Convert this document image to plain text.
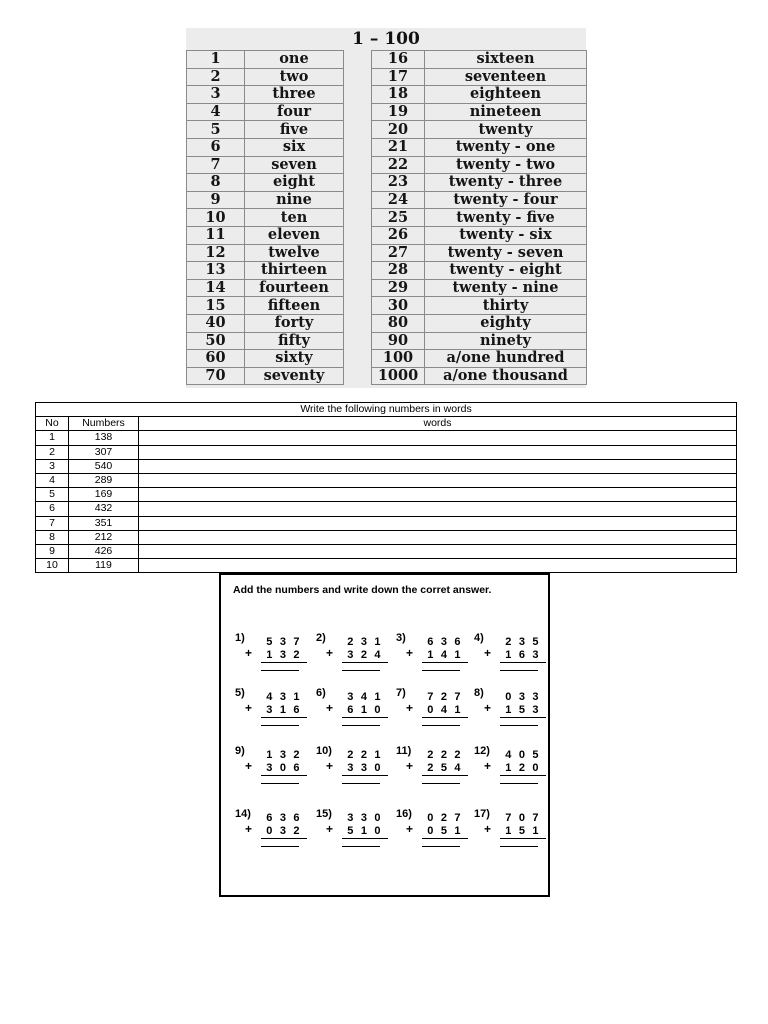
1 – 100
1	one		16	sixteen
2	two		17	seventeen
3	three		18	eighteen
4	four		19	nineteen
5	five		20	twenty
6	six		21	twenty - one
7	seven		22	twenty - two
8	eight		23	twenty - three
9	nine		24	twenty - four
10	ten		25	twenty - five
11	eleven		26	twenty - six
12	twelve		27	twenty - seven
13	thirteen		28	twenty - eight
14	fourteen		29	twenty - nine
15	fifteen		30	thirty
40	forty		80	eighty
50	fifty		90	ninety
60	sixty		100	a/one hundred
70	seventy		1000	a/one thousand
Write the following numbers in words		
No	Numbers	words
1	138	
2	307	
3	540	
4	289	
5	169	
6	432	
7	351	
8	212	
9	426	
10	119	
Add the numbers and write down the corret answer.
1)
+
5 3 7
1 3 2
2)
+
2 3 1
3 2 4
3)
+
6 3 6
1 4 1
4)
+
2 3 5
1 6 3
5)
+
4 3 1
3 1 6
6)
+
3 4 1
6 1 0
7)
+
7 2 7
0 4 1
8)
+
0 3 3
1 5 3
9)
+
1 3 2
3 0 6
10)
+
2 2 1
3 3 0
11)
+
2 2 2
2 5 4
12)
+
4 0 5
1 2 0
14)
+
6 3 6
0 3 2
15)
+
3 3 0
5 1 0
16)
+
0 2 7
0 5 1
17)
+
7 0 7
1 5 1
